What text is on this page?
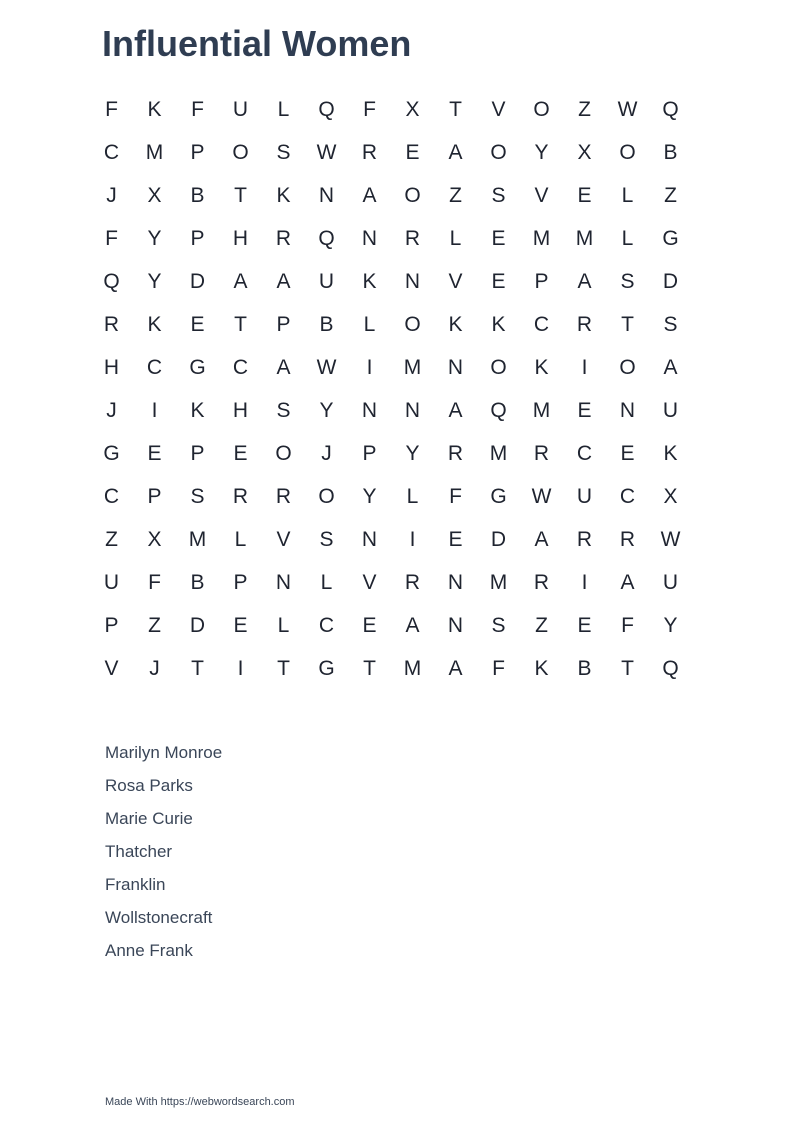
Influential Women
F	K	F	U	L	Q	F	X	T	V	O	Z	W	Q
C	M	P	O	S	W	R	E	A	O	Y	X	O	B
J	X	B	T	K	N	A	O	Z	S	V	E	L	Z
F	Y	P	H	R	Q	N	R	L	E	M	M	L	G
Q	Y	D	A	A	U	K	N	V	E	P	A	S	D
R	K	E	T	P	B	L	O	K	K	C	R	T	S
H	C	G	C	A	W	I	M	N	O	K	I	O	A
J	I	K	H	S	Y	N	N	A	Q	M	E	N	U
G	E	P	E	O	J	P	Y	R	M	R	C	E	K
C	P	S	R	R	O	Y	L	F	G	W	U	C	X
Z	X	M	L	V	S	N	I	E	D	A	R	R	W
U	F	B	P	N	L	V	R	N	M	R	I	A	U
P	Z	D	E	L	C	E	A	N	S	Z	E	F	Y
V	J	T	I	T	G	T	M	A	F	K	B	T	Q
Marilyn Monroe
Rosa Parks
Marie Curie
Thatcher
Franklin
Wollstonecraft
Anne Frank
Made With https://webwordsearch.com
